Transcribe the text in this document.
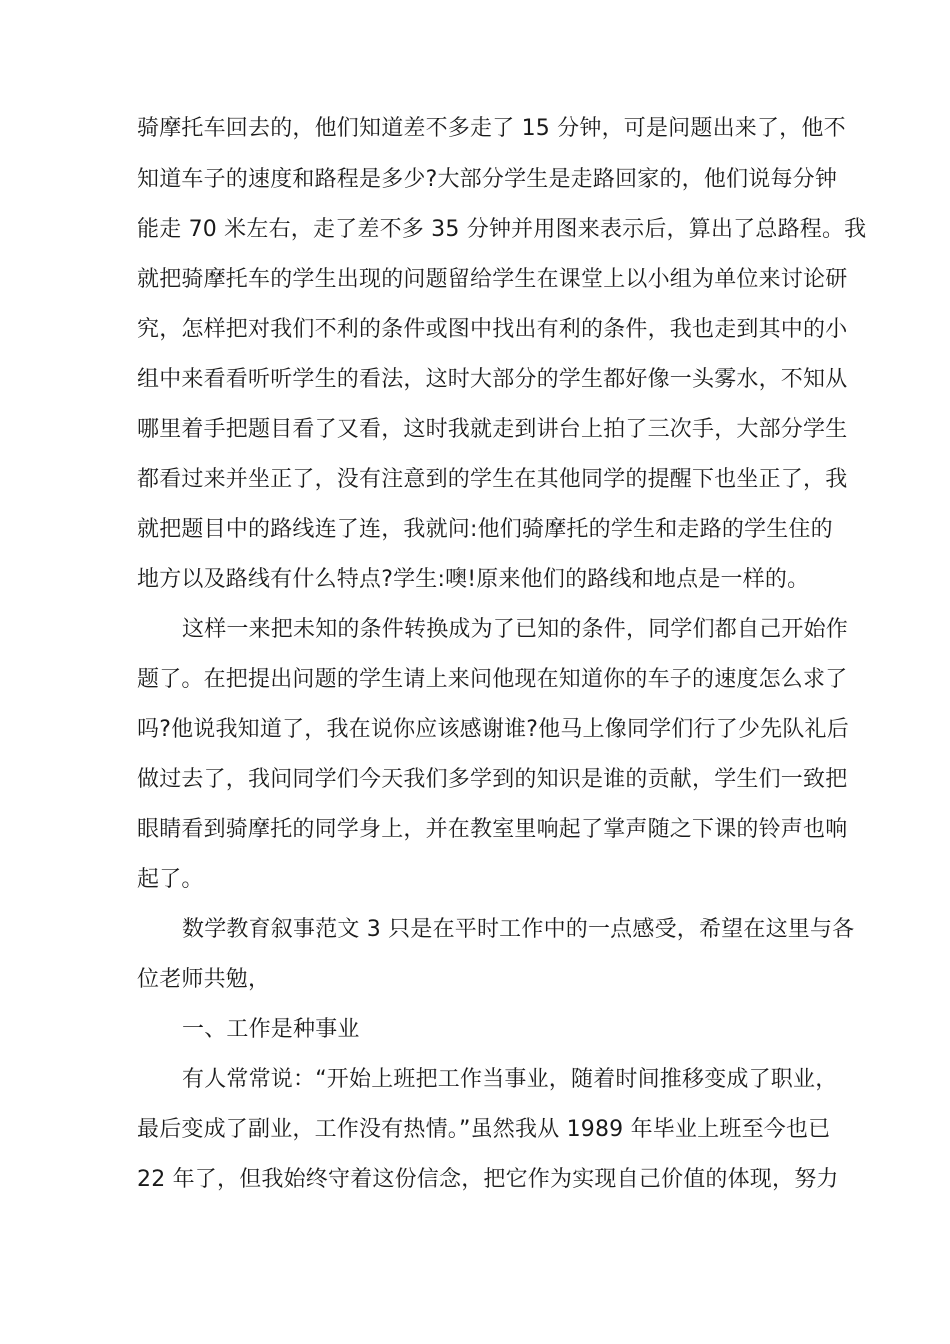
骑摩托车回去的，他们知道差不多走了 15 分钟，可是问题出来了，他不
知道车子的速度和路程是多少?大部分学生是走路回家的，他们说每分钟
能走 70 米左右，走了差不多 35 分钟并用图来表示后，算出了总路程。我
就把骑摩托车的学生出现的问题留给学生在课堂上以小组为单位来讨论研
究，怎样把对我们不利的条件或图中找出有利的条件，我也走到其中的小
组中来看看听听学生的看法，这时大部分的学生都好像一头雾水，不知从
哪里着手把题目看了又看，这时我就走到讲台上拍了三次手，大部分学生
都看过来并坐正了，没有注意到的学生在其他同学的提醒下也坐正了，我
就把题目中的路线连了连，我就问:他们骑摩托的学生和走路的学生住的
地方以及路线有什么特点?学生:噢!原来他们的路线和地点是一样的。
这样一来把未知的条件转换成为了已知的条件，同学们都自己开始作
题了。在把提出问题的学生请上来问他现在知道你的车子的速度怎么求了
吗?他说我知道了，我在说你应该感谢谁?他马上像同学们行了少先队礼后
做过去了，我问同学们今天我们多学到的知识是谁的贡献，学生们一致把
眼睛看到骑摩托的同学身上，并在教室里响起了掌声随之下课的铃声也响
起了。
数学教育叙事范文 3 只是在平时工作中的一点感受，希望在这里与各
位老师共勉，
一、工作是种事业
有人常常说：“开始上班把工作当事业，随着时间推移变成了职业，
最后变成了副业，工作没有热情。”虽然我从 1989 年毕业上班至今也已
22 年了，但我始终守着这份信念，把它作为实现自己价值的体现，努力
